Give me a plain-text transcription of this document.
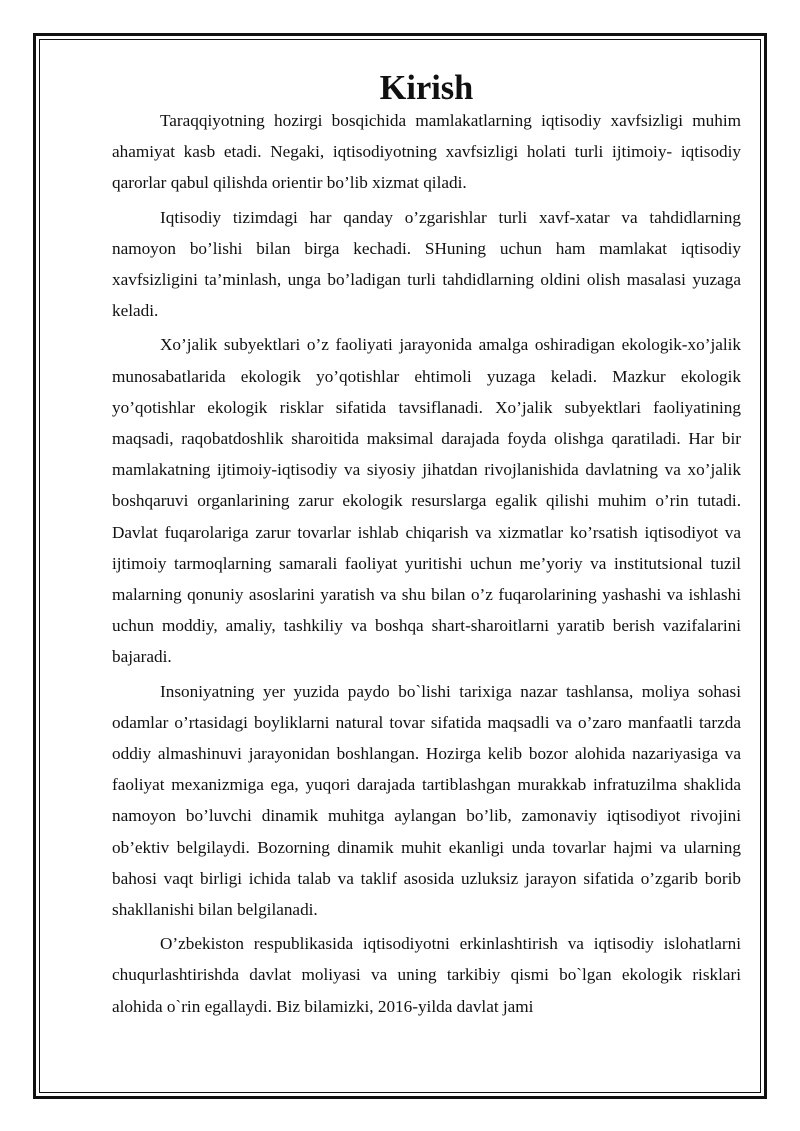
Kirish

Taraqqiyotning hozirgi bosqichida mamlakatlarning iqtisodiy xavfsizligi muhim ahamiyat kasb etadi. Negaki, iqtisodiyotning xavfsizligi holati turli ijtimoiy- iqtisodiy qarorlar qabul qilishda orientir bo’lib xizmat qiladi.

Iqtisodiy tizimdagi har qanday o’zgarishlar turli xavf-xatar va tahdidlarning namoyon bo’lishi bilan birga kechadi. SHuning uchun ham mamlakat iqtisodiy xavfsizligini ta’minlash, unga bo’ladigan turli tahdidlarning oldini olish masalasi yuzaga keladi.

Xo’jalik subyektlari o’z faoliyati jarayonida amalga oshiradigan ekologik-xo’jalik munosabatlarida ekologik yo’qotishlar ehtimoli yuzaga keladi. Mazkur ekologik yo’qotishlar ekologik risklar sifatida tavsiflanadi. Xo’jalik subyektlari faoliyatining maqsadi, raqobatdoshlik sharoitida maksimal darajada foyda olishga qaratiladi. Har bir mamlakatning ijtimoiy-iqtisodiy va siyosiy jihatdan rivojlanishida davlatning va xo’jalik boshqaruvi organlarining zarur ekologik resurslarga egalik qilishi muhim o’rin tutadi. Davlat fuqarolariga zarur tovarlar ishlab chiqarish va xizmatlar ko’rsatish iqtisodiyot va ijtimoiy tarmoqlarning samarali faoliyat yuritishi uchun me’yoriy va institutsional tuzil malarning qonuniy asoslarini yaratish va shu bilan o’z fuqarolarining yashashi va ishlashi uchun moddiy, amaliy, tashkiliy va boshqa shart-sharoitlarni yaratib berish vazifalarini bajaradi.

Insoniyatning yer yuzida paydo bo`lishi tarixiga nazar tashlansa, moliya sohasi odamlar o’rtasidagi boyliklarni natural tovar sifatida maqsadli va o’zaro manfaatli tarzda oddiy almashinuvi jarayonidan boshlangan. Hozirga kelib bozor alohida nazariyasiga va faoliyat mexanizmiga ega, yuqori darajada tartiblashgan murakkab infratuzilma shaklida namoyon bo’luvchi dinamik muhitga aylangan bo’lib, zamonaviy iqtisodiyot rivojini ob’ektiv belgilaydi. Bozorning dinamik muhit ekanligi unda tovarlar hajmi va ularning bahosi vaqt birligi ichida talab va taklif asosida uzluksiz jarayon sifatida o’zgarib borib shakllanishi bilan belgilanadi.

O’zbekiston respublikasida iqtisodiyotni erkinlashtirish va iqtisodiy islohatlarni chuqurlashtirishda davlat moliyasi va uning tarkibiy qismi bo`lgan ekologik risklari alohida o`rin egallaydi. Biz bilamizki, 2016-yilda davlat jami
